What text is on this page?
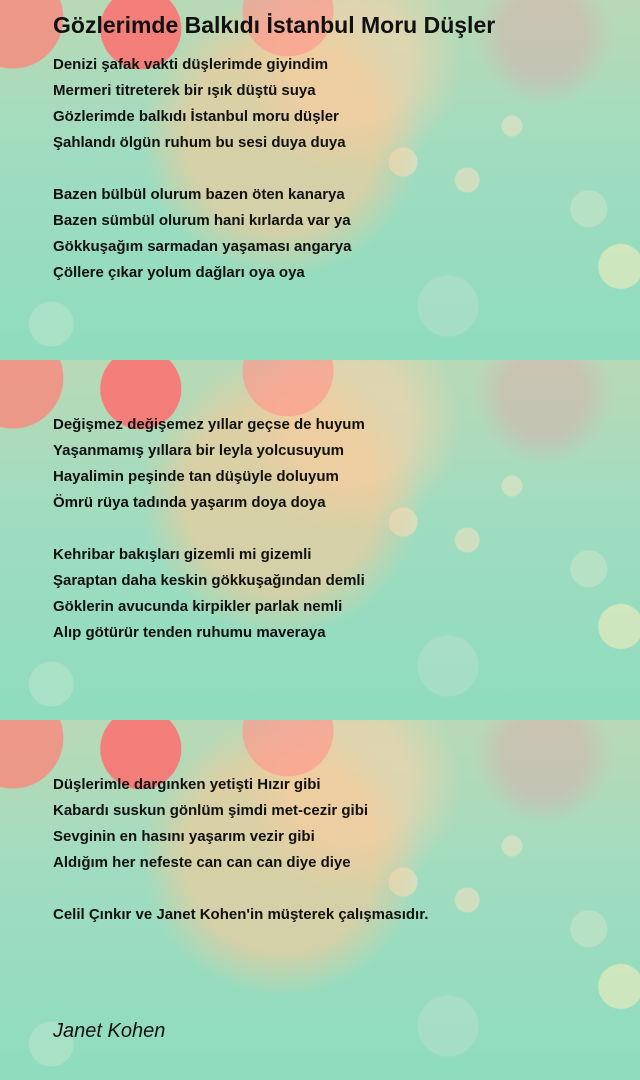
Gözlerimde Balkıdı İstanbul Moru Düşler
Denizi şafak vakti düşlerimde giyindim
Mermeri titreterek bir ışık düştü suya
Gözlerimde balkıdı İstanbul moru düşler
Şahlandı ölgün ruhum bu sesi duya duya
Bazen bülbül olurum bazen öten kanarya
Bazen sümbül olurum hani kırlarda var ya
Gökkuşağım sarmadan yaşaması angarya
Çöllere çıkar yolum dağları oya oya
Değişmez değişemez yıllar geçse de huyum
Yaşanmamış yıllara bir leyla yolcusuyum
Hayalimin peşinde tan düşüyle doluyum
Ömrü rüya tadında yaşarım doya doya
Kehribar bakışları gizemli mi gizemli
Şaraptan daha keskin gökkuşağından demli
Göklerin avucunda kirpikler parlak nemli
Alıp götürür tenden ruhumu maveraya
Düşlerimle dargınken yetişti Hızır gibi
Kabardı suskun gönlüm şimdi met-cezir gibi
Sevginin en hasını yaşarım vezir gibi
Aldığım her nefeste can can can diye diye

Celil Çınkır ve Janet Kohen'in müşterek çalışmasıdır.

Janet Kohen
